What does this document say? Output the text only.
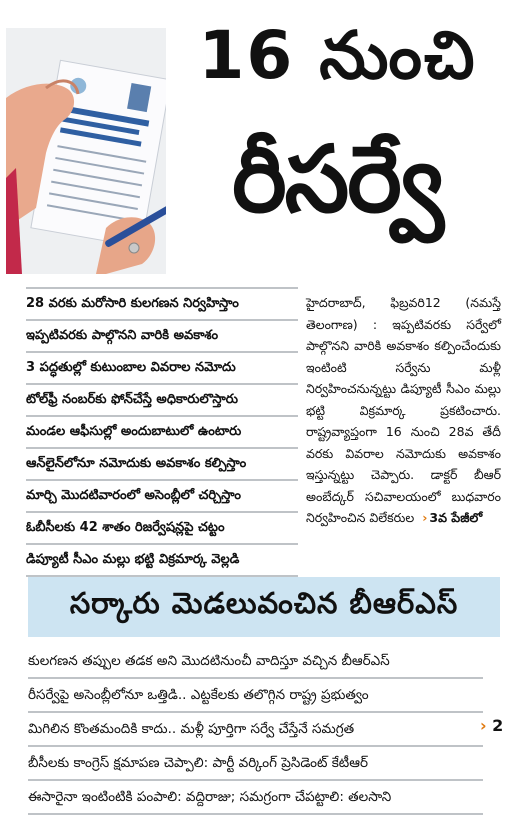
16 నుంచి
రీసర్వే
28 వరకు మరోసారి కులగణన నిర్వహిస్తాం
ఇప్పటివరకు పాల్గొనని వారికి అవకాశం
3 పద్ధతుల్లో కుటుంబాల వివరాల నమోదు
టోల్‌ఫ్రీ నంబర్‌కు ఫోన్‌చేస్తే అధికారులొస్తారు
మండల ఆఫీసుల్లో అందుబాటులో ఉంటారు
ఆన్‌లైన్‌లోనూ నమోదుకు అవకాశం కల్పిస్తాం
మార్చి మొదటివారంలో అసెంబ్లీలో చర్చిస్తాం
ఓబీసీలకు 42 శాతం రిజర్వేషన్లపై చట్టం
డిప్యూటీ సీఎం మల్లు భట్టి విక్రమార్క వెల్లడి

హైదరాబాద్, ఫిబ్రవరి12 (నమస్తే తెలంగాణ) : ఇప్పటివరకు సర్వేలో పాల్గొనని వారికి అవకాశం కల్పించేందుకు ఇంటింటి సర్వేను మళ్లీ నిర్వహించనున్నట్టు డిప్యూటీ సీఎం మల్లు భట్టి విక్రమార్క ప్రకటించారు. రాష్ట్రవ్యాప్తంగా 16 నుంచి 28వ తేదీ వరకు వివరాల నమోదుకు అవకాశం ఇస్తున్నట్టు చెప్పారు. డాక్టర్ బీఆర్ అంబేద్కర్ సచివాలయంలో బుధవారం నిర్వహించిన విలేకరుల › 3వ పేజీలో

సర్కారు మెడలువంచిన బీఆర్ఎస్
కులగణన తప్పుల తడక అని మొదటినుంచీ వాదిస్తూ వచ్చిన బీఆర్ఎస్
రీసర్వేపై అసెంబ్లీలోనూ ఒత్తిడి.. ఎట్టకేలకు తలొగ్గిన రాష్ట్ర ప్రభుత్వం
మిగిలిన కొంతమందికి కాదు.. మళ్లీ పూర్తిగా సర్వే చేస్తేనే సమగ్రత
బీసీలకు కాంగ్రెస్ క్షమాపణ చెప్పాలి: పార్టీ వర్కింగ్ ప్రెసిడెంట్ కేటీఆర్
ఈసారైనా ఇంటింటికి పంపాలి: వద్దిరాజు; సమగ్రంగా చేపట్టాలి: తలసాని
› 2
